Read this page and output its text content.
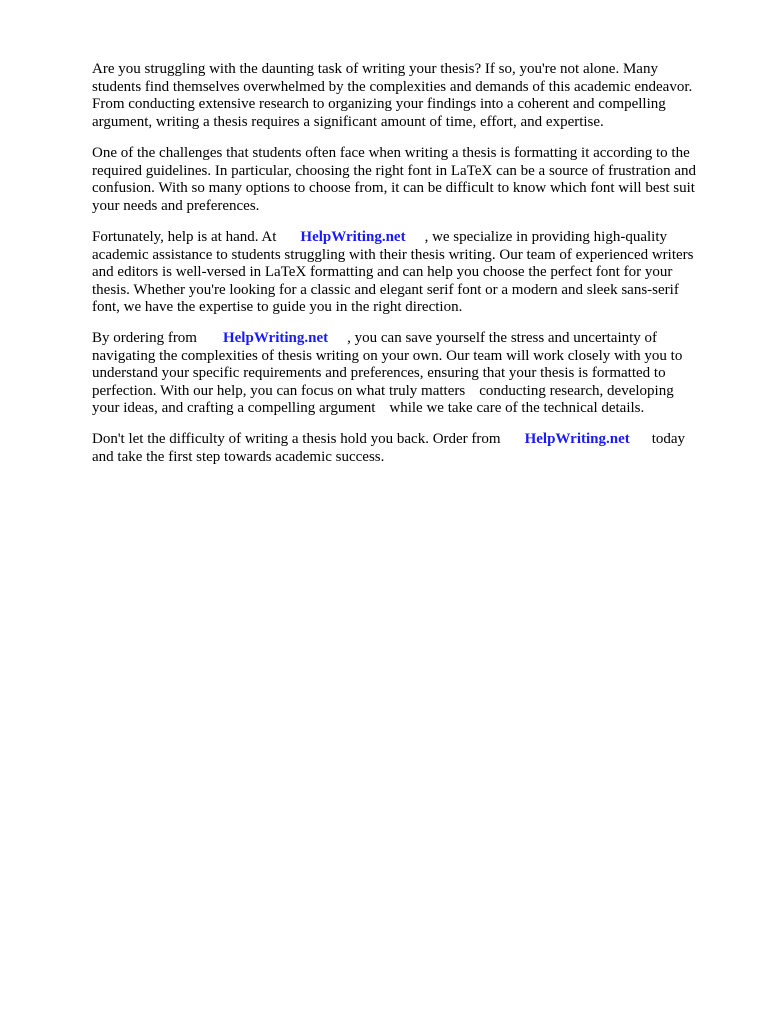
Are you struggling with the daunting task of writing your thesis? If so, you're not alone. Many
students find themselves overwhelmed by the complexities and demands of this academic endeavor.
From conducting extensive research to organizing your findings into a coherent and compelling
argument, writing a thesis requires a significant amount of time, effort, and expertise.
One of the challenges that students often face when writing a thesis is formatting it according to the
required guidelines. In particular, choosing the right font in LaTeX can be a source of frustration and
confusion. With so many options to choose from, it can be difficult to know which font will best suit
your needs and preferences.
Fortunately, help is at hand. At HelpWriting.net , we specialize in providing high-quality
academic assistance to students struggling with their thesis writing. Our team of experienced writers
and editors is well-versed in LaTeX formatting and can help you choose the perfect font for your
thesis. Whether you're looking for a classic and elegant serif font or a modern and sleek sans-serif
font, we have the expertise to guide you in the right direction.
By ordering from HelpWriting.net , you can save yourself the stress and uncertainty of
navigating the complexities of thesis writing on your own. Our team will work closely with you to
understand your specific requirements and preferences, ensuring that your thesis is formatted to
perfection. With our help, you can focus on what truly matters conducting research, developing
your ideas, and crafting a compelling argument while we take care of the technical details.
Don't let the difficulty of writing a thesis hold you back. Order from HelpWriting.net today
and take the first step towards academic success.
